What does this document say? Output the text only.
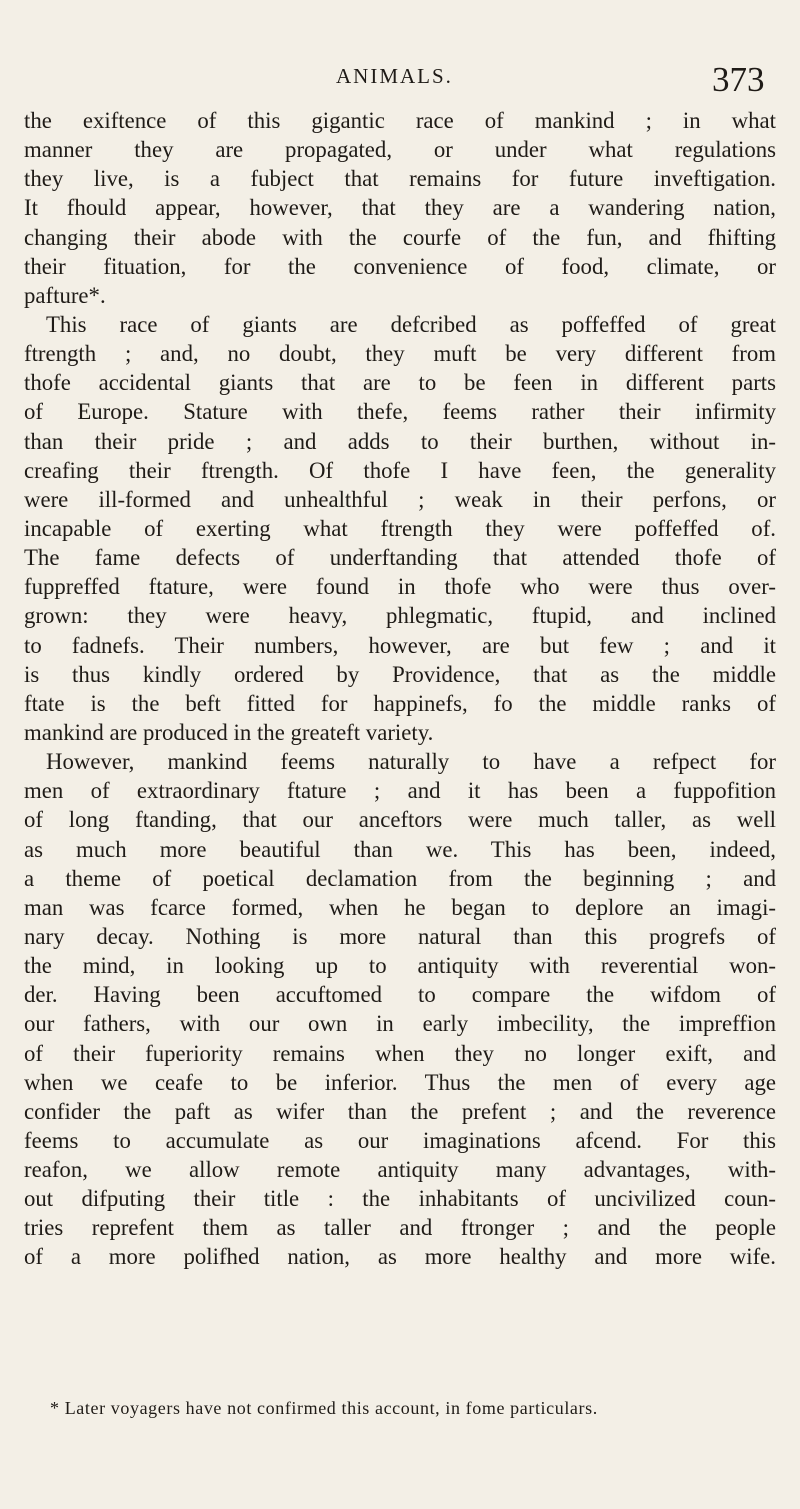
ANIMALS.	373
the exiftence of this gigantic race of mankind ; in what
manner they are propagated, or under what regulations
they live, is a fubject that remains for future inveftigation.
It fhould appear, however, that they are a wandering nation,
changing their abode with the courfe of the fun, and fhifting
their fituation, for the convenience of food, climate, or
pafture*.
This race of giants are defcribed as poffeffed of great
ftrength ; and, no doubt, they muft be very different from
thofe accidental giants that are to be feen in different parts
of Europe. Stature with thefe, feems rather their infirmity
than their pride ; and adds to their burthen, without in-
creafing their ftrength. Of thofe I have feen, the generality
were ill-formed and unhealthful ; weak in their perfons, or
incapable of exerting what ftrength they were poffeffed of.
The fame defects of underftanding that attended thofe of
fuppreffed ftature, were found in thofe who were thus over-
grown: they were heavy, phlegmatic, ftupid, and inclined
to fadnefs. Their numbers, however, are but few ; and it
is thus kindly ordered by Providence, that as the middle
ftate is the beft fitted for happinefs, fo the middle ranks of
mankind are produced in the greateft variety.
However, mankind feems naturally to have a refpect for
men of extraordinary ftature ; and it has been a fuppofition
of long ftanding, that our anceftors were much taller, as well
as much more beautiful than we. This has been, indeed,
a theme of poetical declamation from the beginning ; and
man was fcarce formed, when he began to deplore an imagi-
nary decay. Nothing is more natural than this progrefs of
the mind, in looking up to antiquity with reverential won-
der. Having been accuftomed to compare the wifdom of
our fathers, with our own in early imbecility, the impreffion
of their fuperiority remains when they no longer exift, and
when we ceafe to be inferior. Thus the men of every age
confider the paft as wifer than the prefent ; and the reverence
feems to accumulate as our imaginations afcend. For this
reafon, we allow remote antiquity many advantages, with-
out difputing their title : the inhabitants of uncivilized coun-
tries reprefent them as taller and ftronger ; and the people
of a more polifhed nation, as more healthy and more wife.
* Later voyagers have not confirmed this account, in fome particulars.
